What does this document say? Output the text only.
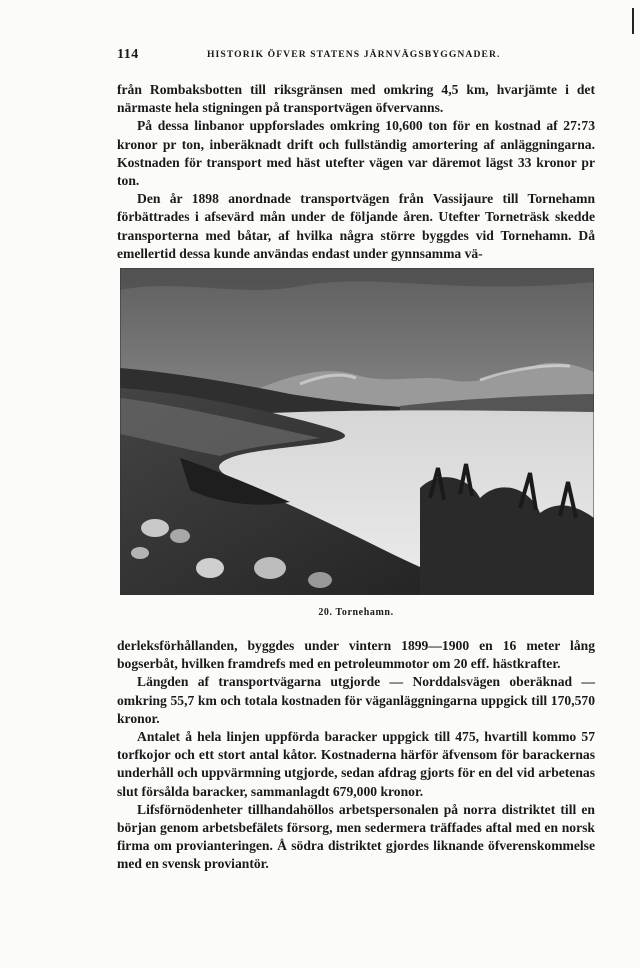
114	HISTORIK ÖFVER STATENS JÄRNVÄGSBYGGNADER.

från Rombaksbotten till riksgränsen med omkring 4,5 km, hvarjämte i det närmaste hela stigningen på transportvägen öfvervanns.

På dessa linbanor uppforslades omkring 10,600 ton för en kostnad af 27:73 kronor pr ton, inberäknadt drift och fullständig amortering af anläggningarna. Kostnaden för transport med häst utefter vägen var däremot lägst 33 kronor pr ton.

Den år 1898 anordnade transportvägen från Vassijaure till Tornehamn förbättrades i afsevärd mån under de följande åren. Utefter Torneträsk skedde transporterna med båtar, af hvilka några större byggdes vid Tornehamn. Då emellertid dessa kunde användas endast under gynnsamma vä-

20. Tornehamn.

derleksförhållanden, byggdes under vintern 1899—1900 en 16 meter lång bogserbåt, hvilken framdrefs med en petroleummotor om 20 eff. hästkrafter.

Längden af transportvägarna utgjorde — Norddalsvägen oberäknad — omkring 55,7 km och totala kostnaden för väganläggningarna uppgick till 170,570 kronor.

Antalet å hela linjen uppförda baracker uppgick till 475, hvartill kommo 57 torfkojor och ett stort antal kåtor. Kostnaderna härför äfvensom för barackernas underhåll och uppvärmning utgjorde, sedan afdrag gjorts för en del vid arbetenas slut försålda baracker, sammanlagdt 679,000 kronor.

Lifsförnödenheter tillhandahöllos arbetspersonalen på norra distriktet till en början genom arbetsbefälets försorg, men sedermera träffades aftal med en norsk firma om provianteringen. Å södra distriktet gjordes liknande öfverenskommelse med en svensk proviantör.
